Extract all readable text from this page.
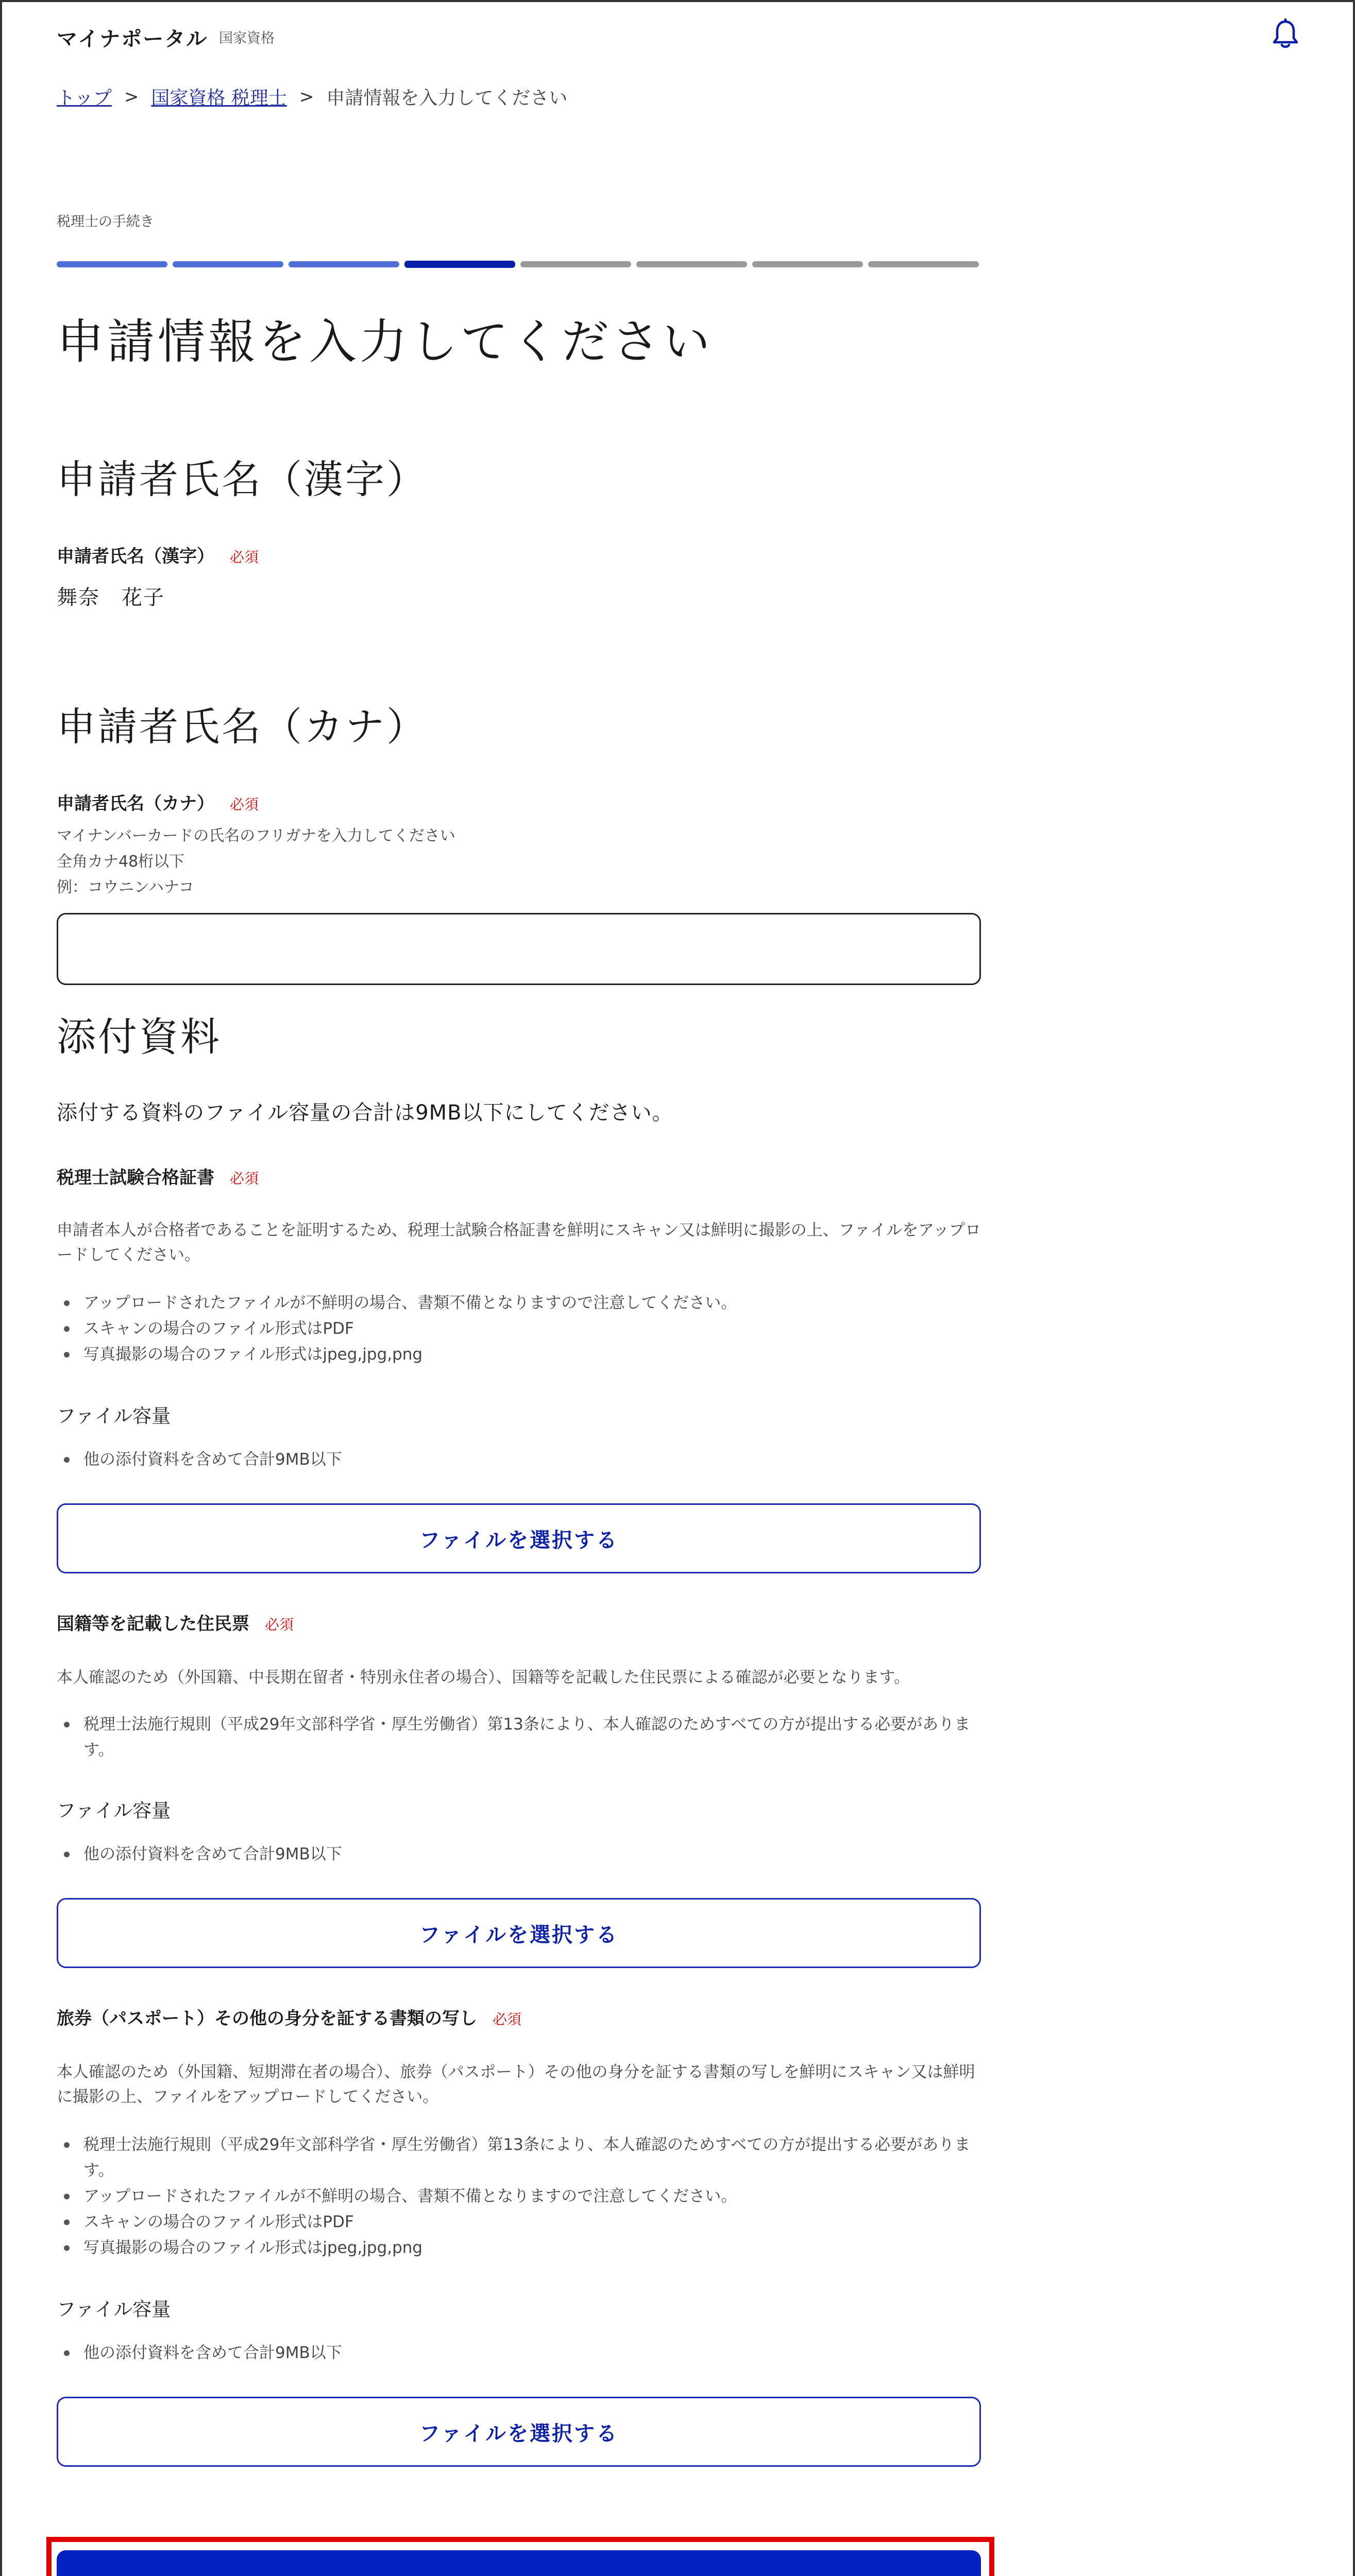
マイナポータル 国家資格
トップ > 国家資格 税理士 > 申請情報を入力してください
税理士の手続き
申請情報を入力してください
申請者氏名（漢字）
申請者氏名（漢字） 必須
舞奈　花子
申請者氏名（カナ）
申請者氏名（カナ） 必須
マイナンバーカードの氏名のフリガナを入力してください
全角カナ48桁以下
例：コウニンハナコ
添付資料
添付する資料のファイル容量の合計は9MB以下にしてください。
税理士試験合格証書 必須

申請者本人が合格者であることを証明するため、税理士試験合格証書を鮮明にスキャン又は鮮明に撮影の上、ファイルをアップロードしてください。

アップロードされたファイルが不鮮明の場合、書類不備となりますので注意してください。
スキャンの場合のファイル形式はPDF
写真撮影の場合のファイル形式はjpeg,jpg,png
ファイル容量
他の添付資料を含めて合計9MB以下
ファイルを選択する
国籍等を記載した住民票 必須

本人確認のため（外国籍、中長期在留者・特別永住者の場合）、国籍等を記載した住民票による確認が必要となります。

税理士法施行規則（平成29年文部科学省・厚生労働省）第13条により、本人確認のためすべての方が提出する必要があります。
ファイル容量
他の添付資料を含めて合計9MB以下
ファイルを選択する
旅券（パスポート）その他の身分を証する書類の写し 必須

本人確認のため（外国籍、短期滞在者の場合）、旅券（パスポート）その他の身分を証する書類の写しを鮮明にスキャン又は鮮明に撮影の上、ファイルをアップロードしてください。

税理士法施行規則（平成29年文部科学省・厚生労働省）第13条により、本人確認のためすべての方が提出する必要があります。
アップロードされたファイルが不鮮明の場合、書類不備となりますので注意してください。
スキャンの場合のファイル形式はPDF
写真撮影の場合のファイル形式はjpeg,jpg,png
ファイル容量
他の添付資料を含めて合計9MB以下
ファイルを選択する
